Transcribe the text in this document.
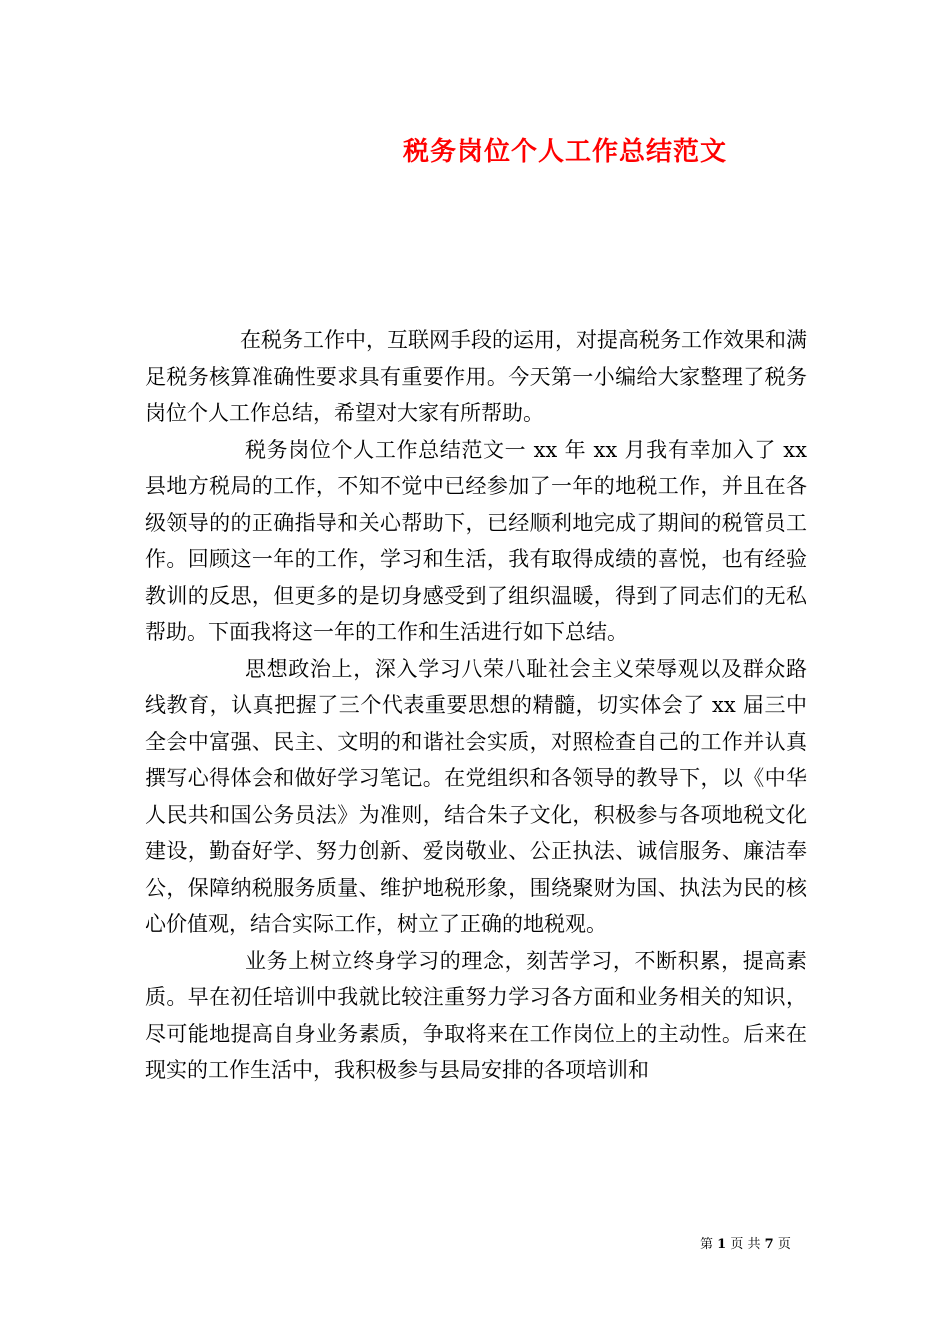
税务岗位个人工作总结范文

在税务工作中，互联网手段的运用，对提高税务工作效果和满足税务核算准确性要求具有重要作用。今天第一小编给大家整理了税务岗位个人工作总结，希望对大家有所帮助。

税务岗位个人工作总结范文一 xx 年 xx 月我有幸加入了 xx 县地方税局的工作，不知不觉中已经参加了一年的地税工作，并且在各级领导的的正确指导和关心帮助下，已经顺利地完成了期间的税管员工作。回顾这一年的工作，学习和生活，我有取得成绩的喜悦，也有经验教训的反思，但更多的是切身感受到了组织温暖，得到了同志们的无私帮助。下面我将这一年的工作和生活进行如下总结。

思想政治上，深入学习八荣八耻社会主义荣辱观以及群众路线教育，认真把握了三个代表重要思想的精髓，切实体会了 xx 届三中全会中富强、民主、文明的和谐社会实质，对照检查自己的工作并认真撰写心得体会和做好学习笔记。在党组织和各领导的教导下，以《中华人民共和国公务员法》为准则，结合朱子文化，积极参与各项地税文化建设，勤奋好学、努力创新、爱岗敬业、公正执法、诚信服务、廉洁奉公，保障纳税服务质量、维护地税形象，围绕聚财为国、执法为民的核心价值观，结合实际工作，树立了正确的地税观。

业务上树立终身学习的理念，刻苦学习，不断积累，提高素质。早在初任培训中我就比较注重努力学习各方面和业务相关的知识，尽可能地提高自身业务素质，争取将来在工作岗位上的主动性。后来在现实的工作生活中，我积极参与县局安排的各项培训和

第 1 页 共 7 页
